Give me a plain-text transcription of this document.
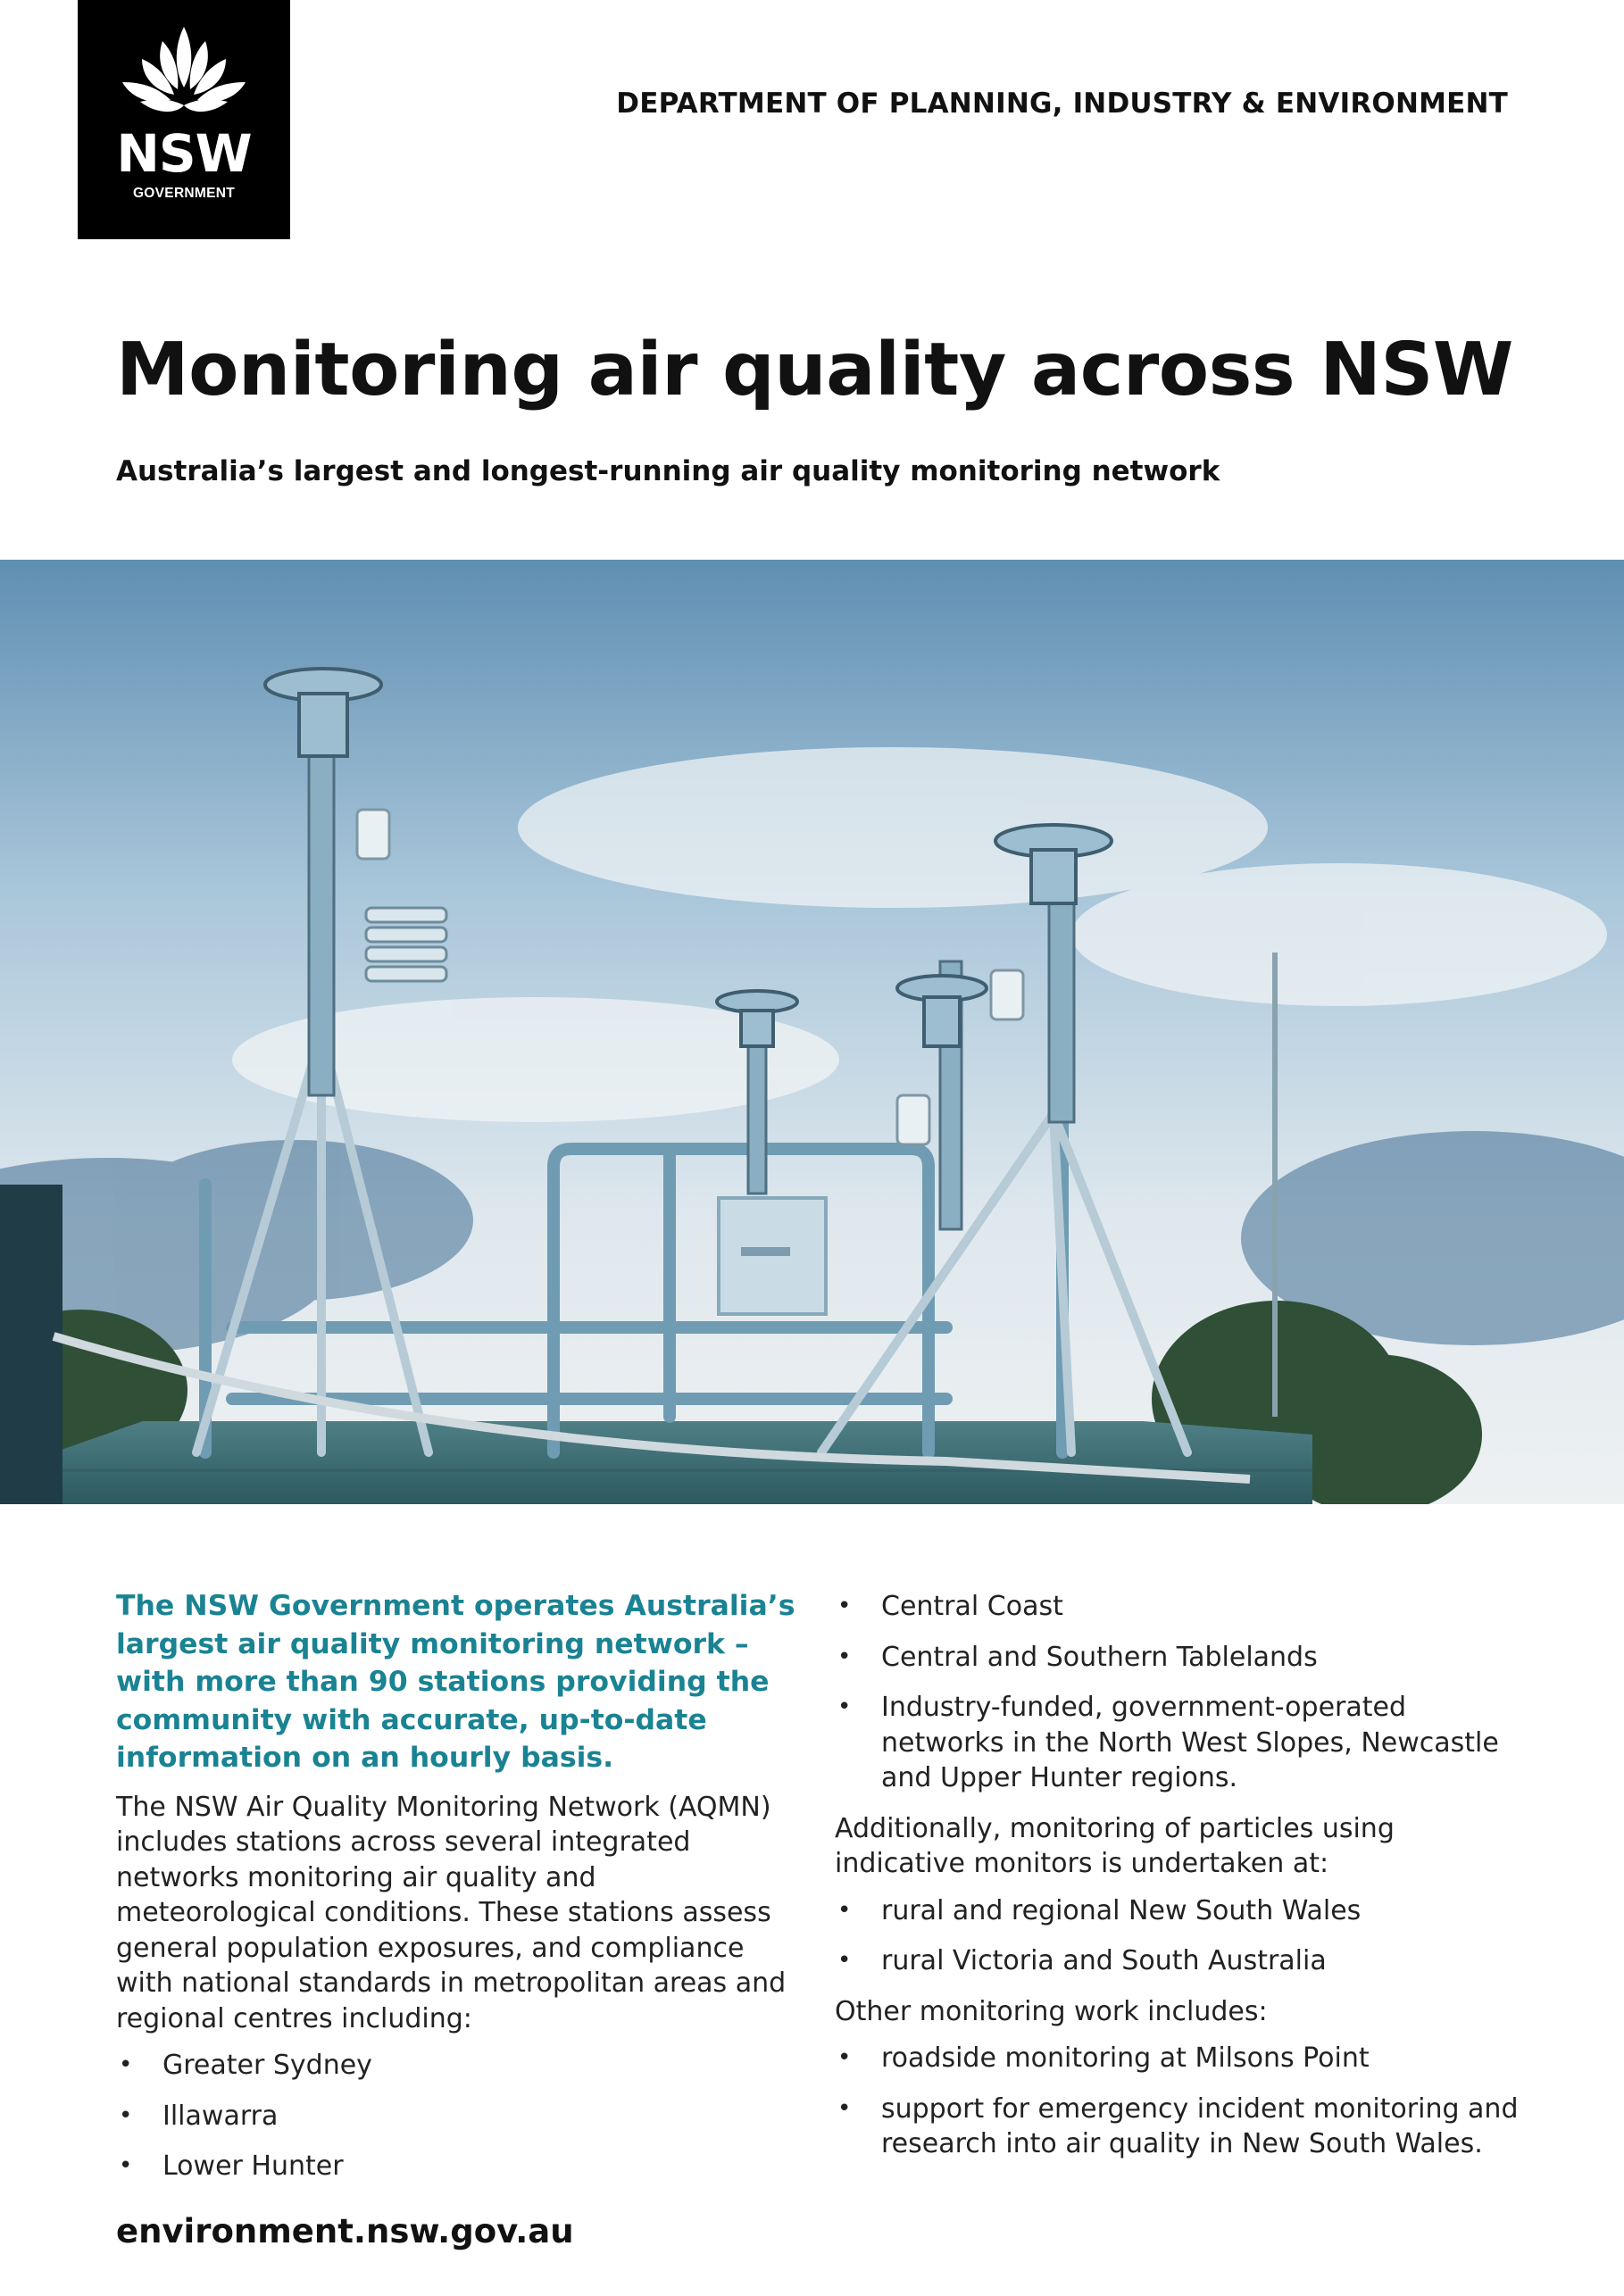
NSW
GOVERNMENT
DEPARTMENT OF PLANNING, INDUSTRY & ENVIRONMENT
Monitoring air quality across NSW
Australia’s largest and longest-running air quality monitoring network

The NSW Government operates Australia’s largest air quality monitoring network – with more than 90 stations providing the community with accurate, up-to-date information on an hourly basis.

The NSW Air Quality Monitoring Network (AQMN) includes stations across several integrated networks monitoring air quality and meteorological conditions. These stations assess general population exposures, and compliance with national standards in metropolitan areas and regional centres including:

• Greater Sydney
• Illawarra
• Lower Hunter
• Central Coast
• Central and Southern Tablelands
• Industry-funded, government-operated networks in the North West Slopes, Newcastle and Upper Hunter regions.

Additionally, monitoring of particles using indicative monitors is undertaken at:

• rural and regional New South Wales
• rural Victoria and South Australia

Other monitoring work includes:

• roadside monitoring at Milsons Point
• support for emergency incident monitoring and research into air quality in New South Wales.
environment.nsw.gov.au
